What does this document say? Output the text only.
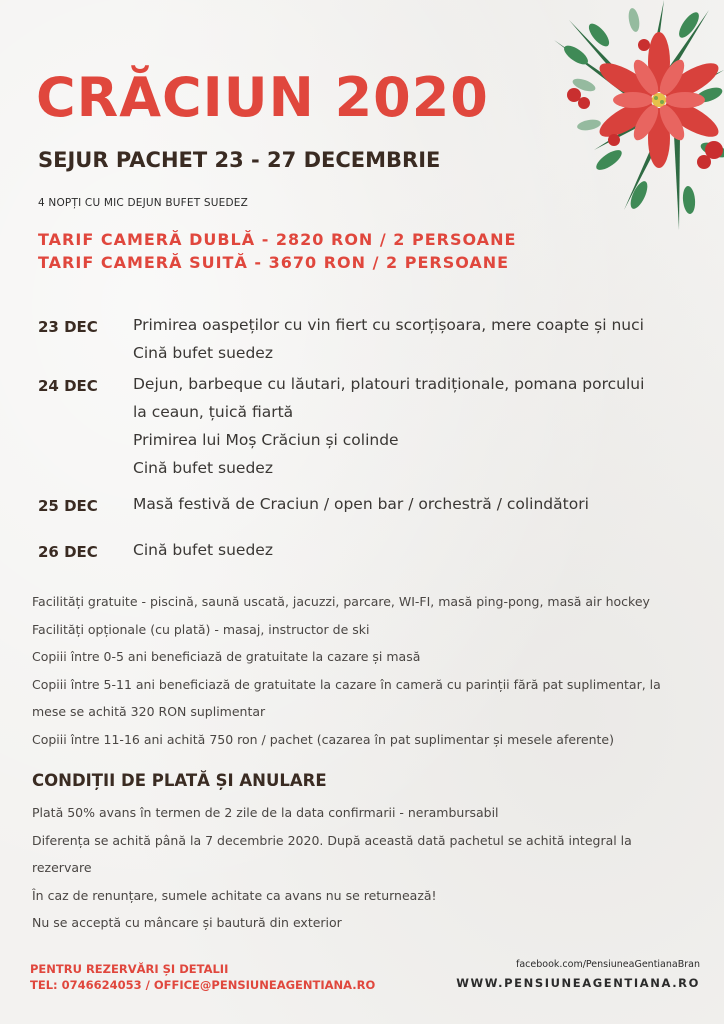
CRĂCIUN 2020
SEJUR PACHET 23 - 27 DECEMBRIE
4 NOPȚI CU MIC DEJUN BUFET SUEDEZ
TARIF CAMERĂ DUBLĂ - 2820 RON / 2 PERSOANE
TARIF CAMERĂ SUITĂ - 3670 RON / 2 PERSOANE
23 DEC Primirea oaspeților cu vin fiert cu scorțișoara, mere coapte și nuci
Cină bufet suedez
24 DEC Dejun, barbeque cu lăutari, platouri tradiționale, pomana porcului
la ceaun, țuică fiartă
Primirea lui Moș Crăciun și colinde
Cină bufet suedez
25 DEC Masă festivă de Craciun / open bar / orchestră / colindători
26 DEC Cină bufet suedez
Facilități gratuite - piscină, saună uscată, jacuzzi, parcare, WI-FI, masă ping-pong, masă air hockey
Facilități opționale (cu plată) - masaj, instructor de ski
Copiii între 0-5 ani beneficiază de gratuitate la cazare și masă
Copiii între 5-11 ani beneficiază de gratuitate la cazare în cameră cu parinții fără pat suplimentar, la
mese se achită 320 RON suplimentar
Copiii între 11-16 ani achită 750 ron / pachet (cazarea în pat suplimentar și mesele aferente)
CONDIȚII DE PLATĂ ȘI ANULARE
Plată 50% avans în termen de 2 zile de la data confirmarii - nerambursabil
Diferența se achită până la 7 decembrie 2020. După această dată pachetul se achită integral la
rezervare
În caz de renunțare, sumele achitate ca avans nu se returnează!
Nu se acceptă cu mâncare și bautură din exterior
PENTRU REZERVĂRI ȘI DETALII
TEL: 0746624053 / OFFICE@PENSIUNEAGENTIANA.RO
facebook.com/PensiuneaGentianaBran
WWW.PENSIUNEAGENTIANA.RO
